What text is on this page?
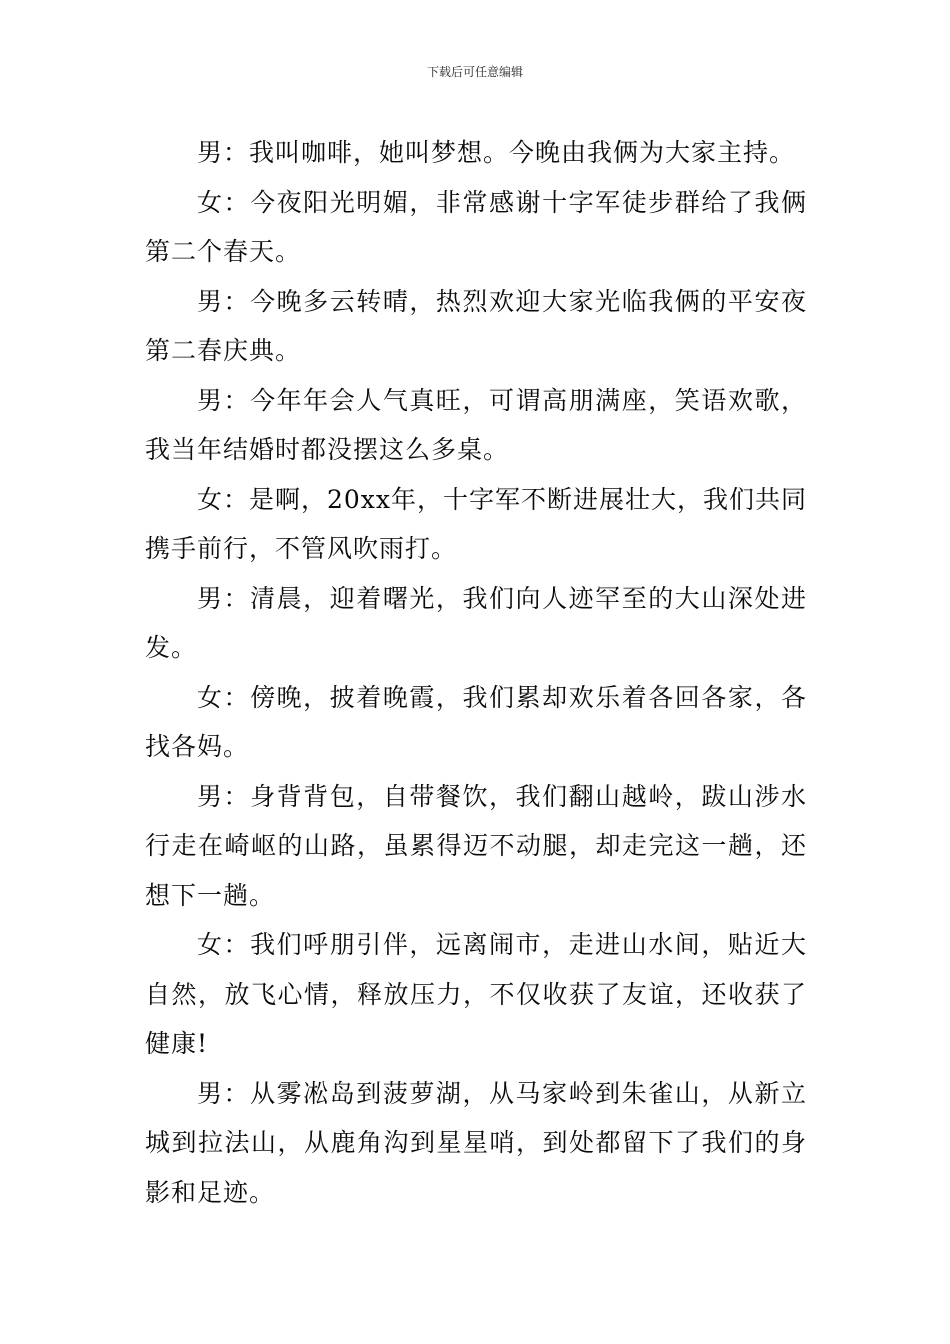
下载后可任意编辑

男：我叫咖啡，她叫梦想。今晚由我俩为大家主持。

女：今夜阳光明媚，非常感谢十字军徒步群给了我俩第二个春天。

男：今晚多云转晴，热烈欢迎大家光临我俩的平安夜第二春庆典。

男：今年年会人气真旺，可谓高朋满座，笑语欢歌，我当年结婚时都没摆这么多桌。

女：是啊，20xx年，十字军不断进展壮大，我们共同携手前行，不管风吹雨打。

男：清晨，迎着曙光，我们向人迹罕至的大山深处进发。

女：傍晚，披着晚霞，我们累却欢乐着各回各家，各找各妈。

男：身背背包，自带餐饮，我们翻山越岭，跋山涉水行走在崎岖的山路，虽累得迈不动腿，却走完这一趟，还想下一趟。

女：我们呼朋引伴，远离闹市，走进山水间，贴近大自然，放飞心情，释放压力，不仅收获了友谊，还收获了健康!

男：从雾凇岛到菠萝湖，从马家岭到朱雀山，从新立城到拉法山，从鹿角沟到星星哨，到处都留下了我们的身影和足迹。
